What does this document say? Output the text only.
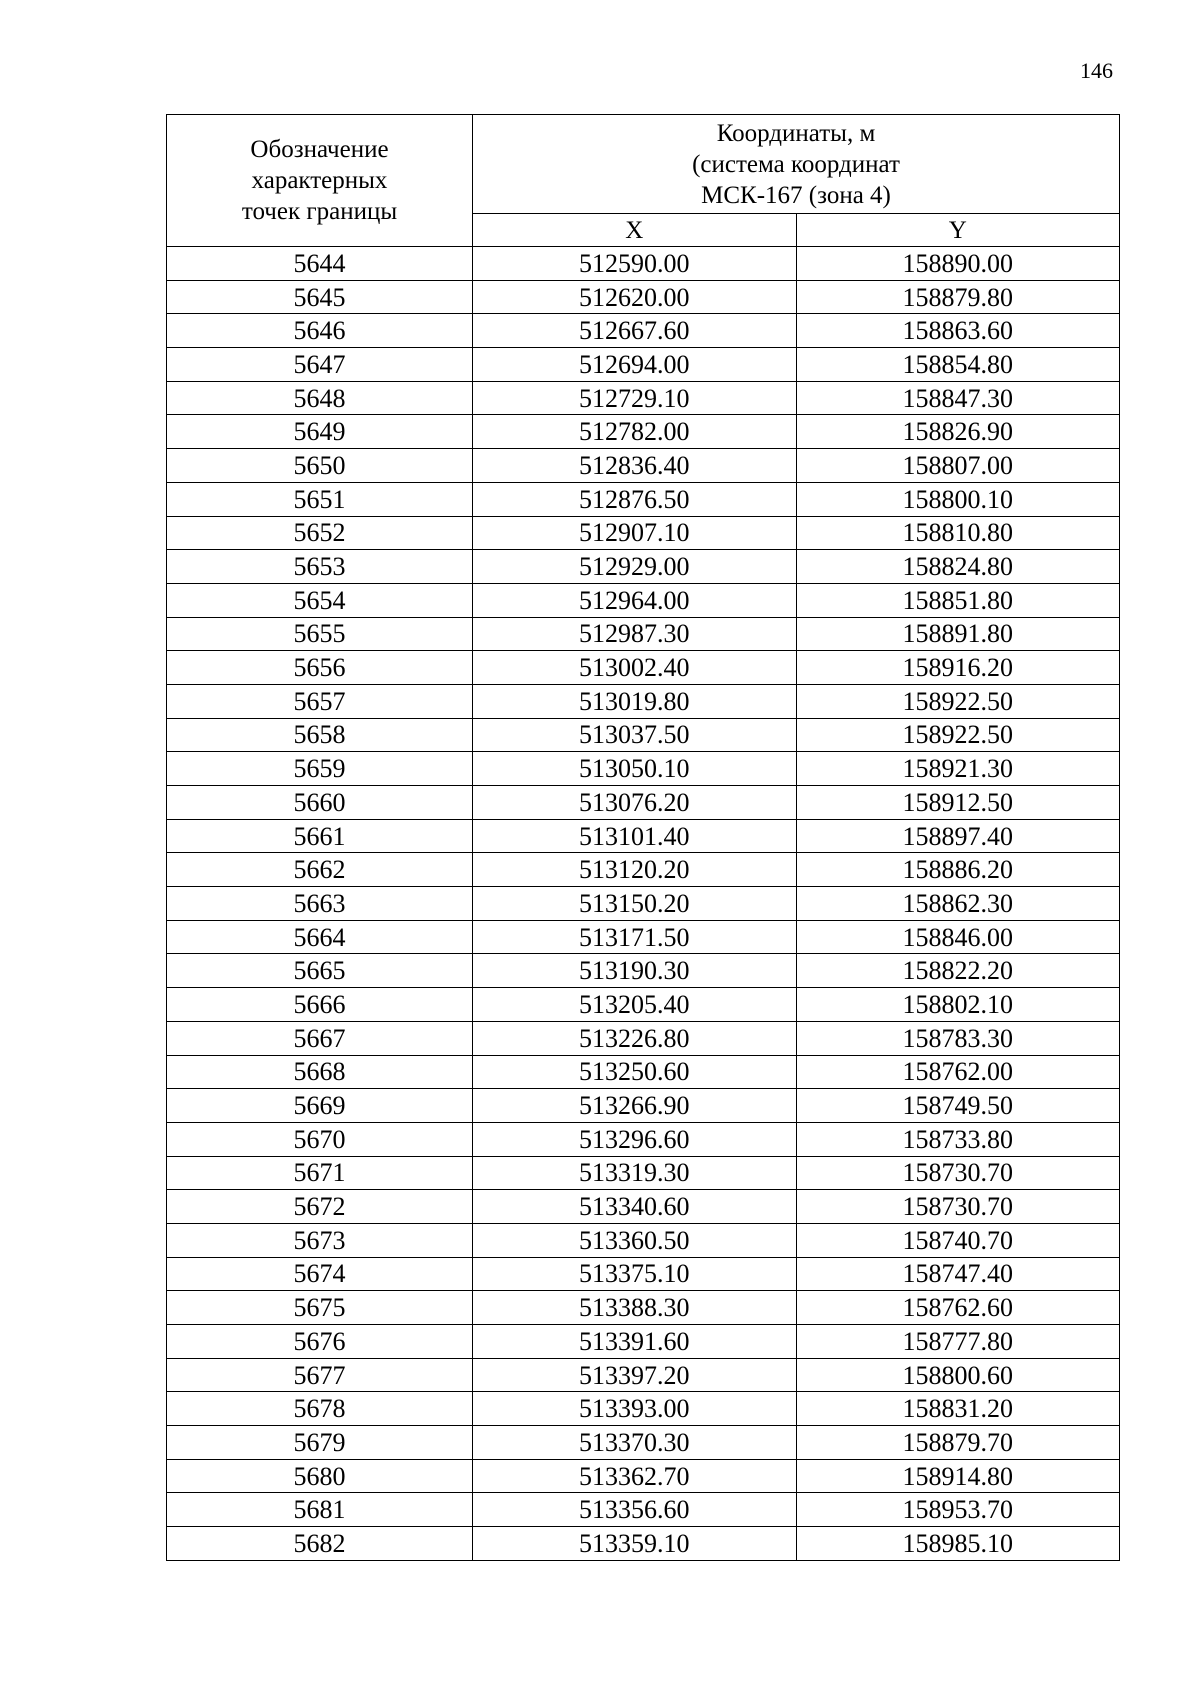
146
Обозначение
характерных
точек границы	Координаты, м
(система координат
МСК-167 (зона 4)	

	X	Y
5644	512590.00	158890.00
5645	512620.00	158879.80
5646	512667.60	158863.60
5647	512694.00	158854.80
5648	512729.10	158847.30
5649	512782.00	158826.90
5650	512836.40	158807.00
5651	512876.50	158800.10
5652	512907.10	158810.80
5653	512929.00	158824.80
5654	512964.00	158851.80
5655	512987.30	158891.80
5656	513002.40	158916.20
5657	513019.80	158922.50
5658	513037.50	158922.50
5659	513050.10	158921.30
5660	513076.20	158912.50
5661	513101.40	158897.40
5662	513120.20	158886.20
5663	513150.20	158862.30
5664	513171.50	158846.00
5665	513190.30	158822.20
5666	513205.40	158802.10
5667	513226.80	158783.30
5668	513250.60	158762.00
5669	513266.90	158749.50
5670	513296.60	158733.80
5671	513319.30	158730.70
5672	513340.60	158730.70
5673	513360.50	158740.70
5674	513375.10	158747.40
5675	513388.30	158762.60
5676	513391.60	158777.80
5677	513397.20	158800.60
5678	513393.00	158831.20
5679	513370.30	158879.70
5680	513362.70	158914.80
5681	513356.60	158953.70
5682	513359.10	158985.10
